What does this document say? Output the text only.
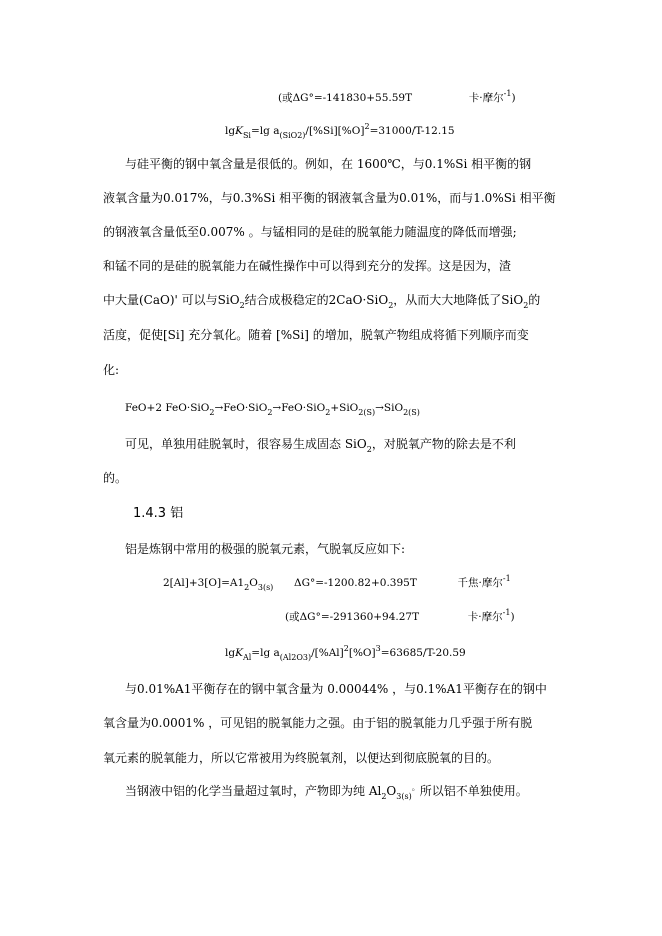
(或ΔG°=-141830+55.59T	卡·摩尔$^{-1}$)
lgK$_{Si}$=lg $a_{(SiO2)}/[\%Si][\%O]^2=31000/T-12.15$
与硅平衡的钢中氧含量是很低的。例如，在 1600℃，与0.1%Si 相平衡的钢
液氧含量为0.017%，与0.3%Si 相平衡的钢液氧含量为0.01%，而与1.0%Si 相平衡
的钢液氧含量低至0.007% 。与锰相同的是硅的脱氧能力随温度的降低而增强;
和锰不同的是硅的脱氧能力在碱性操作中可以得到充分的发挥。这是因为，渣
中大量(CaO)' 可以与SiO$_2$结合成极稳定的2CaO·SiO$_2$，从而大大地降低了SiO$_2$的
活度，促使[Si] 充分氧化。随着 [%Si] 的增加，脱氧产物组成将循下列顺序而变
化:
FeO+2 FeO·SiO$_2$→FeO·SiO$_2$→FeO·SiO$_2$+SiO$_{2(S)}$→SiO$_{2(S)}$
可见，单独用硅脱氧时，很容易生成固态 SiO$_2$，对脱氧产物的除去是不利
的。
1.4.3 铝
铝是炼钢中常用的极强的脱氧元素，气脱氧反应如下:
$2[Al]+3[O]=A1_2O_{3(s)}$ ΔG°=-1200.82+0.395T	千焦·摩尔$^{-1}$
(或ΔG°=-291360+94.27T	卡·摩尔$^{-1}$)
lgK$_{Al}$=lg $a_{(Al2O3)}/[\%Al]^2[\%O]^3=63685/T-20.59$
与0.01%A1平衡存在的钢中氧含量为 0.00044% ，与0.1%A1平衡存在的钢中
氧含量为0.0001% ，可见铝的脱氧能力之强。由于铝的脱氧能力几乎强于所有脱
氧元素的脱氧能力，所以它常被用为终脱氧剂，以便达到彻底脱氧的目的。
当钢液中铝的化学当量超过氧时，产物即为纯 $Al_2O_{3(s)}^。$所以铝不单独使用。
